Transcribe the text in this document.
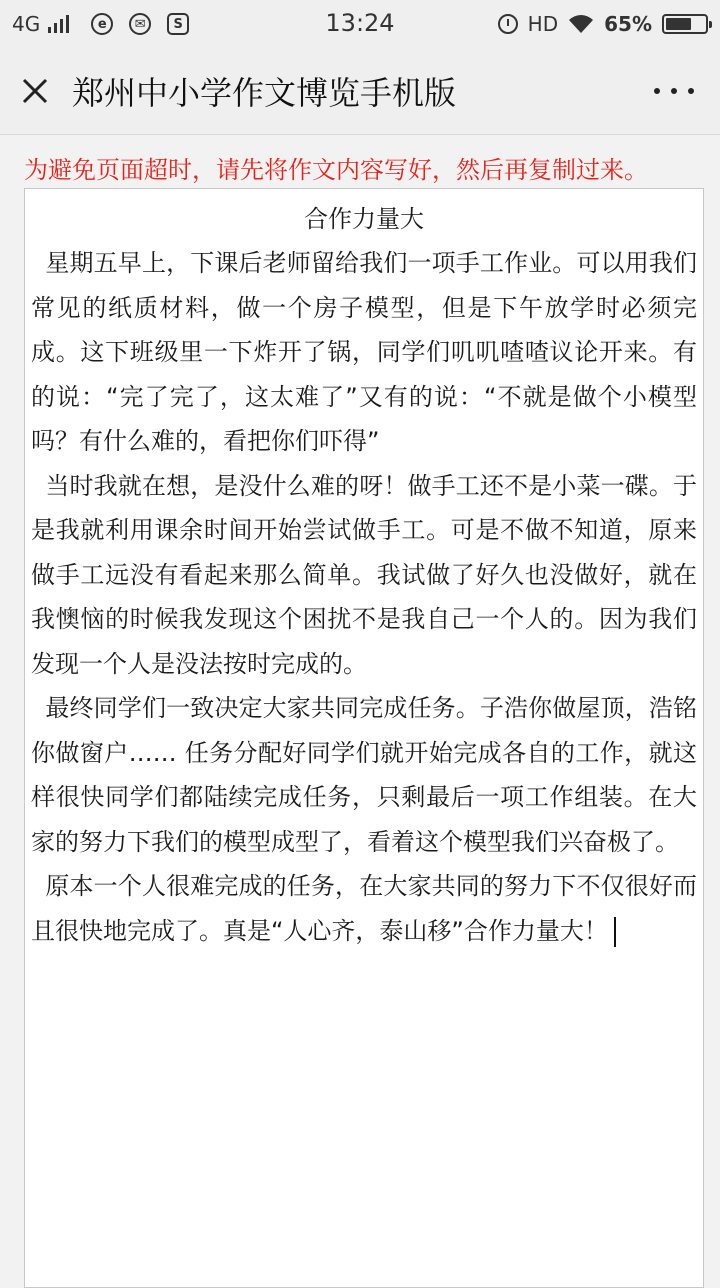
4G	e	✉	S	13:24	HD 65%
郑州中小学作文博览手机版
为避免页面超时，请先将作文内容写好，然后再复制过来。
合作力量大

星期五早上，下课后老师留给我们一项手工作业。可以用我们常见的纸质材料，做一个房子模型，但是下午放学时必须完成。这下班级里一下炸开了锅，同学们叽叽喳喳议论开来。有的说：“完了完了，这太难了”又有的说：“不就是做个小模型吗？有什么难的，看把你们吓得”

当时我就在想，是没什么难的呀！做手工还不是小菜一碟。于是我就利用课余时间开始尝试做手工。可是不做不知道，原来做手工远没有看起来那么简单。我试做了好久也没做好，就在我懊恼的时候我发现这个困扰不是我自己一个人的。因为我们发现一个人是没法按时完成的。

最终同学们一致决定大家共同完成任务。子浩你做屋顶，浩铭你做窗户…… 任务分配好同学们就开始完成各自的工作，就这样很快同学们都陆续完成任务，只剩最后一项工作组装。在大家的努力下我们的模型成型了，看着这个模型我们兴奋极了。

原本一个人很难完成的任务，在大家共同的努力下不仅很好而且很快地完成了。真是“人心齐，泰山移”合作力量大！
